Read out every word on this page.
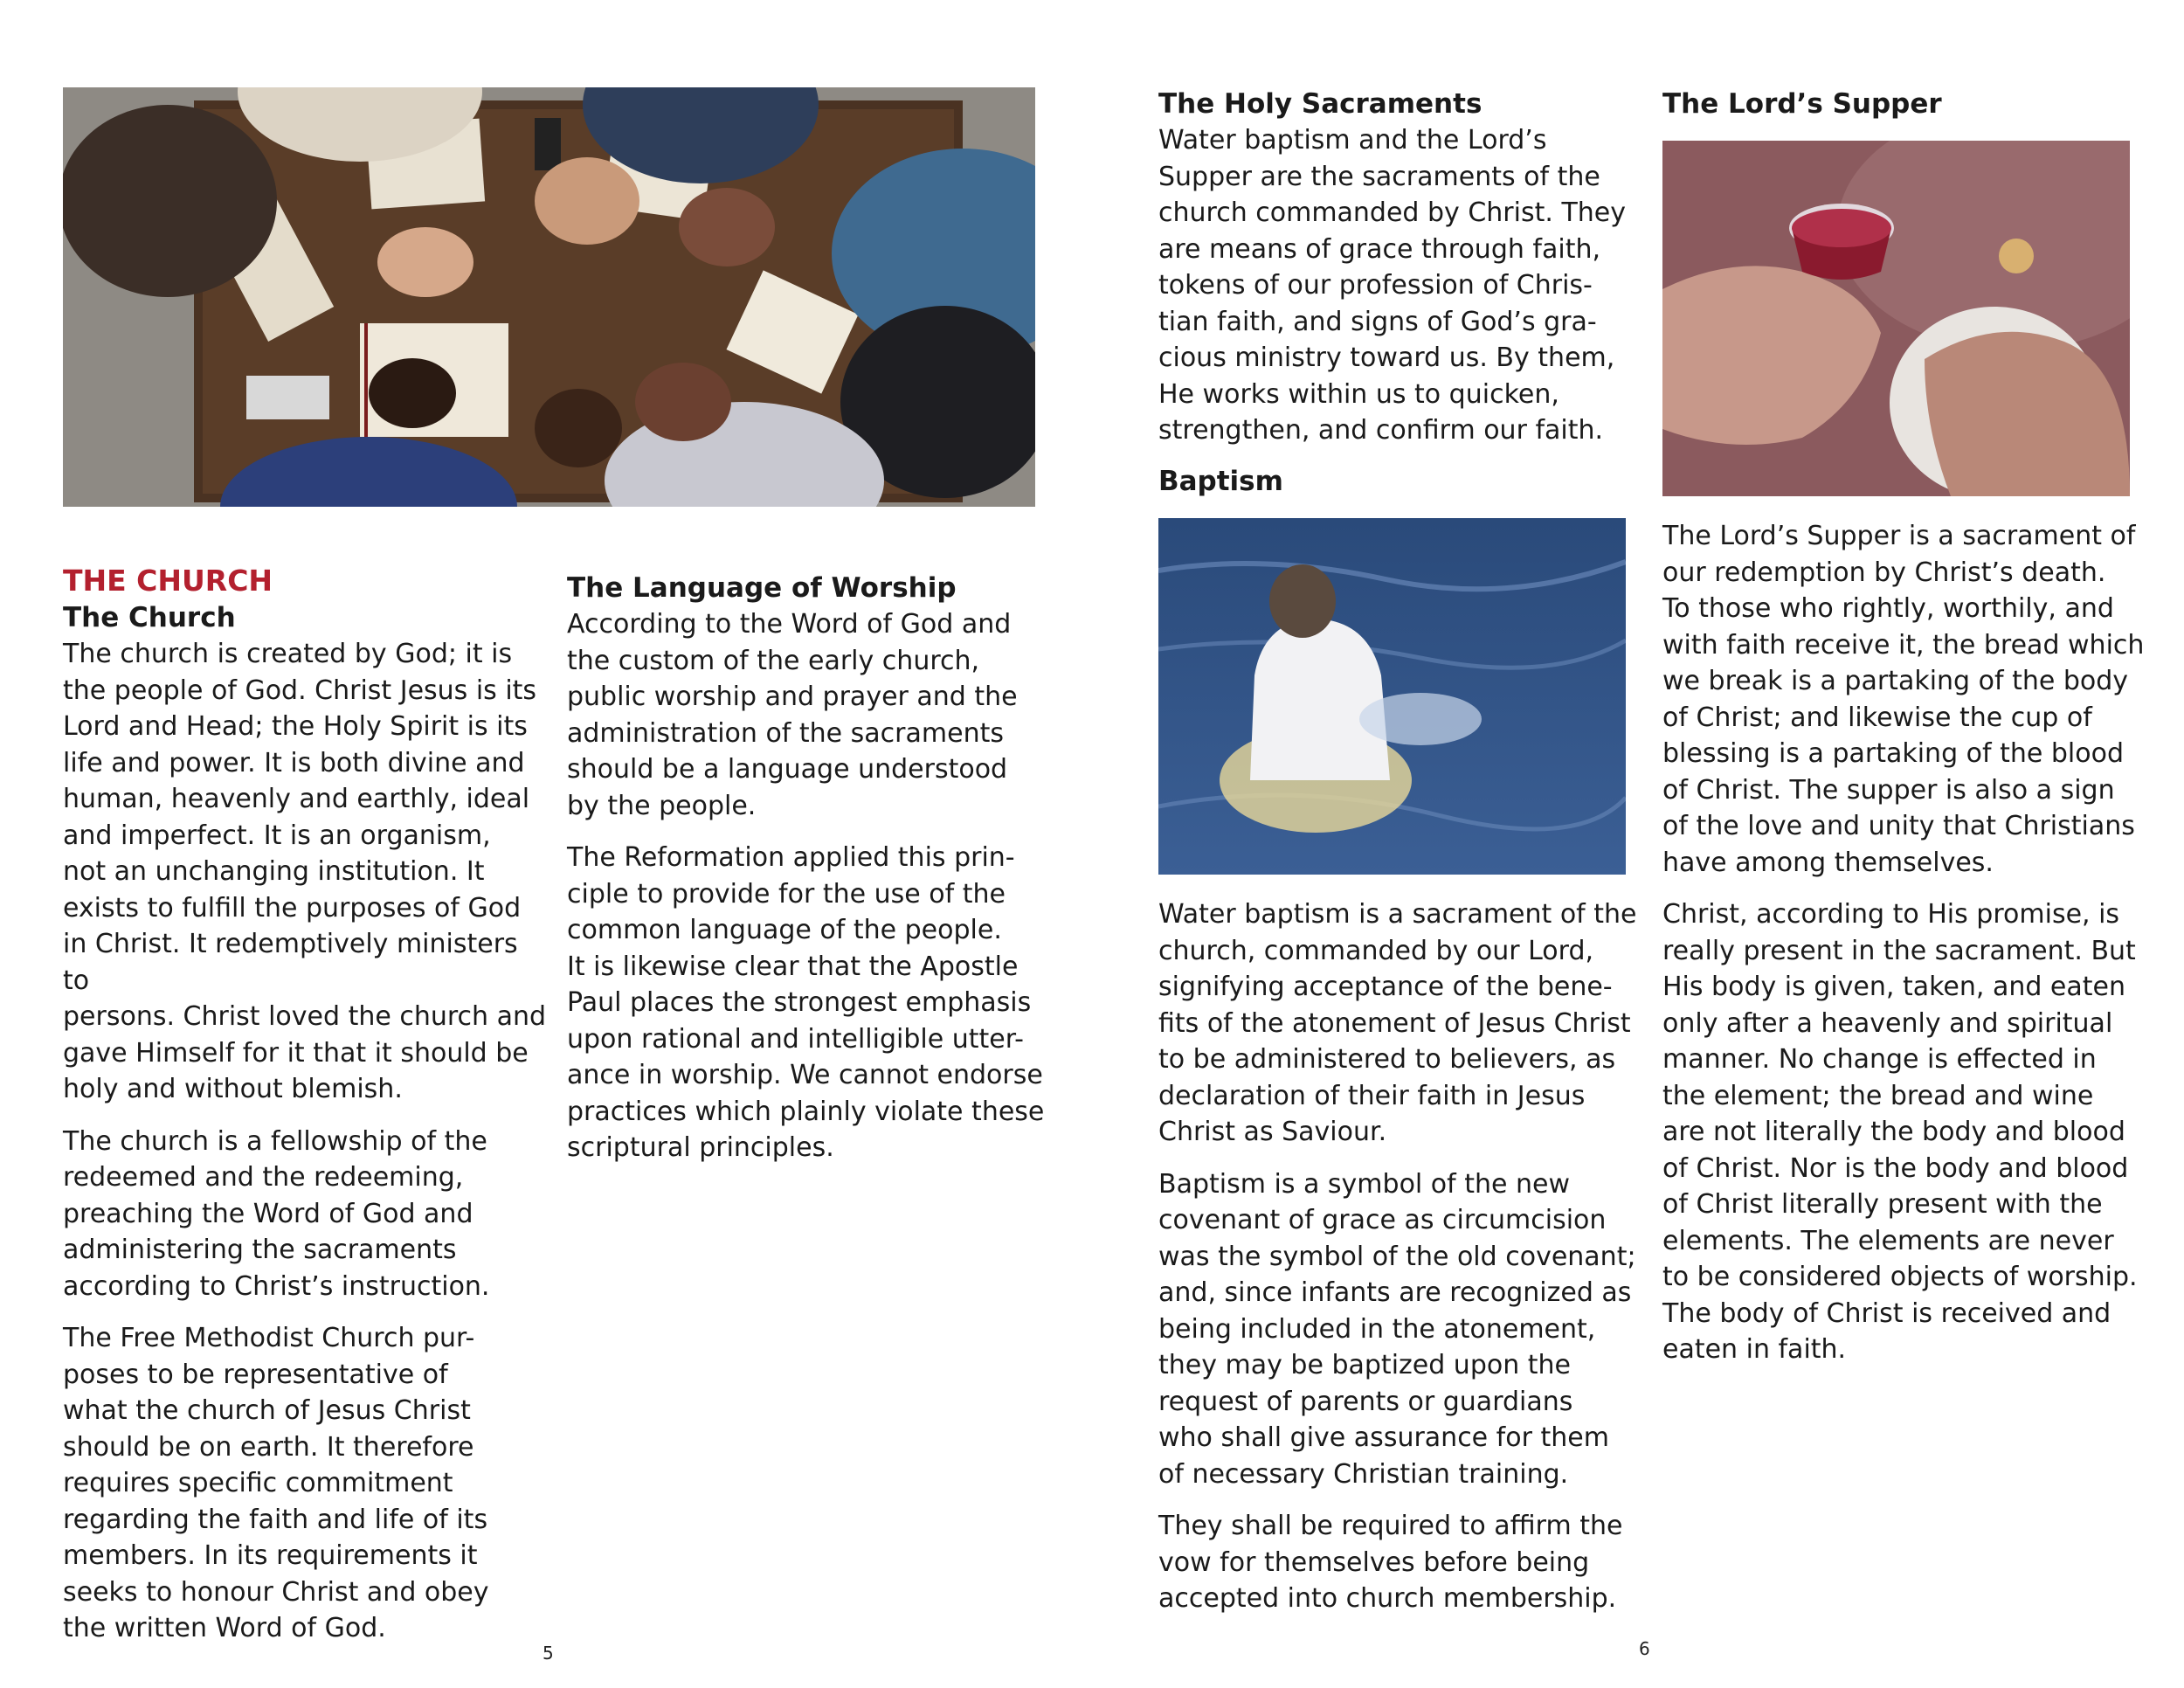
THE CHURCH
The Church

The church is created by God; it is
the people of God. Christ Jesus is its
Lord and Head; the Holy Spirit is its
life and power. It is both divine and
human, heavenly and earthly, ideal
and imperfect. It is an organism,
not an unchanging institution. It
exists to fulfill the purposes of God
in Christ. It redemptively ministers to
persons. Christ loved the church and
gave Himself for it that it should be
holy and without blemish.

The church is a fellowship of the
redeemed and the redeeming,
preaching the Word of God and
administering the sacraments
according to Christ’s instruction.

The Free Methodist Church pur-
poses to be representative of
what the church of Jesus Christ
should be on earth. It therefore
requires specific commitment
regarding the faith and life of its
members. In its requirements it
seeks to honour Christ and obey
the written Word of God.

The Language of Worship

According to the Word of God and
the custom of the early church,
public worship and prayer and the
administration of the sacraments
should be a language understood
by the people.

The Reformation applied this prin-
ciple to provide for the use of the
common language of the people.
It is likewise clear that the Apostle
Paul places the strongest emphasis
upon rational and intelligible utter-
ance in worship. We cannot endorse
practices which plainly violate these
scriptural principles.

5
The Holy Sacraments

Water baptism and the Lord’s
Supper are the sacraments of the
church commanded by Christ. They
are means of grace through faith,
tokens of our profession of Chris-
tian faith, and signs of God’s gra-
cious ministry toward us. By them,
He works within us to quicken,
strengthen, and confirm our faith.

Baptism

Water baptism is a sacrament of the
church, commanded by our Lord,
signifying acceptance of the bene-
fits of the atonement of Jesus Christ
to be administered to believers, as
declaration of their faith in Jesus
Christ as Saviour.

Baptism is a symbol of the new
covenant of grace as circumcision
was the symbol of the old covenant;
and, since infants are recognized as
being included in the atonement,
they may be baptized upon the
request of parents or guardians
who shall give assurance for them
of necessary Christian training.

They shall be required to affirm the
vow for themselves before being
accepted into church membership.

The Lord’s Supper

The Lord’s Supper is a sacrament of
our redemption by Christ’s death.
To those who rightly, worthily, and
with faith receive it, the bread which
we break is a partaking of the body
of Christ; and likewise the cup of
blessing is a partaking of the blood
of Christ. The supper is also a sign
of the love and unity that Christians
have among themselves.

Christ, according to His promise, is
really present in the sacrament. But
His body is given, taken, and eaten
only after a heavenly and spiritual
manner. No change is effected in
the element; the bread and wine
are not literally the body and blood
of Christ. Nor is the body and blood
of Christ literally present with the
elements. The elements are never
to be considered objects of worship.
The body of Christ is received and
eaten in faith.

6
